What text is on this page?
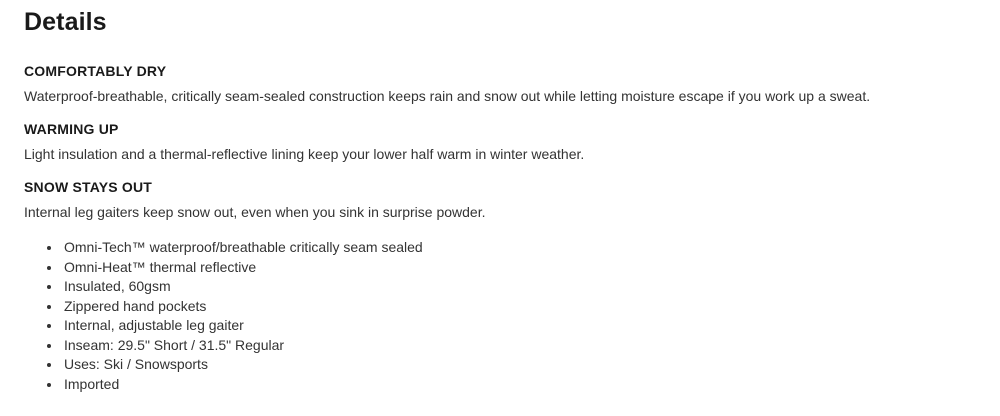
Details
COMFORTABLY DRY

Waterproof-breathable, critically seam-sealed construction keeps rain and snow out while letting moisture escape if you work up a sweat.

WARMING UP

Light insulation and a thermal-reflective lining keep your lower half warm in winter weather.

SNOW STAYS OUT

Internal leg gaiters keep snow out, even when you sink in surprise powder.

• Omni-Tech™ waterproof/breathable critically seam sealed
• Omni-Heat™ thermal reflective
• Insulated, 60gsm
• Zippered hand pockets
• Internal, adjustable leg gaiter
• Inseam: 29.5" Short / 31.5" Regular
• Uses: Ski / Snowsports
• Imported
